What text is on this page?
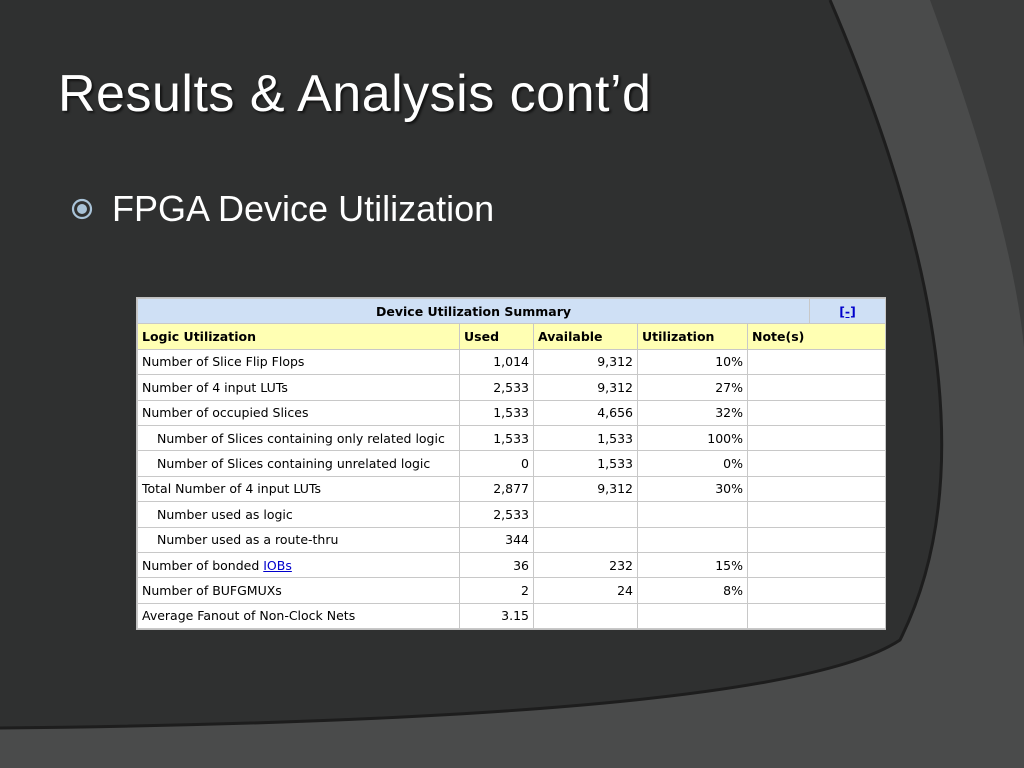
Results & Analysis cont’d
FPGA Device Utilization
Device Utilization Summary					[-]
Logic Utilization	Used	Available	Utilization	Note(s)	
Number of Slice Flip Flops	1,014	9,312	10%		
Number of 4 input LUTs	2,533	9,312	27%		
Number of occupied Slices	1,533	4,656	32%		
Number of Slices containing only related logic	1,533	1,533	100%		
Number of Slices containing unrelated logic	0	1,533	0%		
Total Number of 4 input LUTs	2,877	9,312	30%		
Number used as logic	2,533				
Number used as a route-thru	344				
Number of bonded IOBs	36	232	15%		
Number of BUFGMUXs	2	24	8%		
Average Fanout of Non-Clock Nets	3.15				
